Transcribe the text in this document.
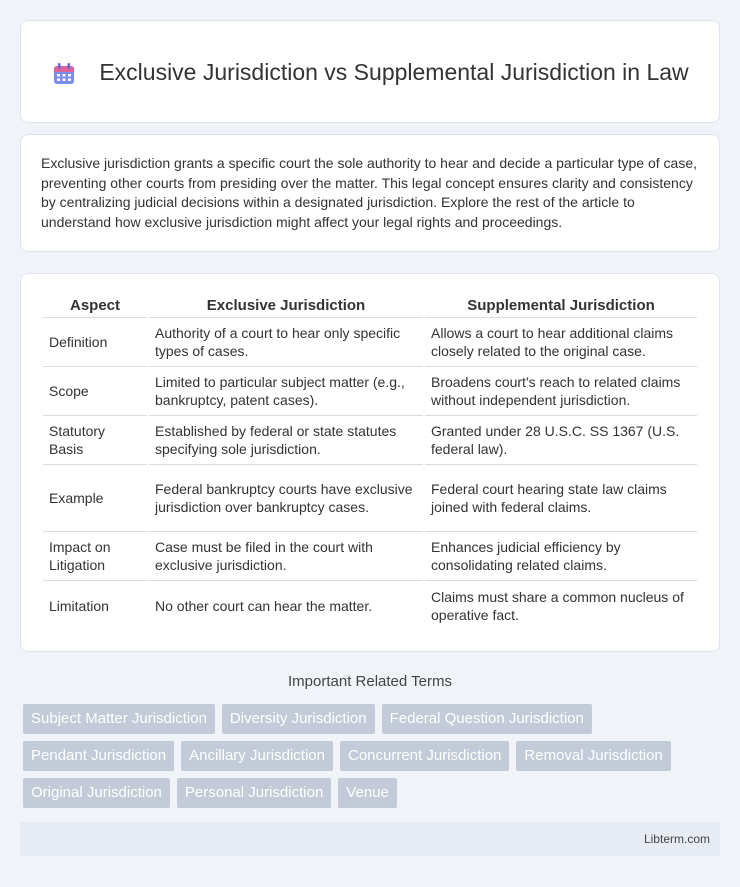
Exclusive Jurisdiction vs Supplemental Jurisdiction in Law

Exclusive jurisdiction grants a specific court the sole authority to hear and decide a particular type of case, preventing other courts from presiding over the matter. This legal concept ensures clarity and consistency by centralizing judicial decisions within a designated jurisdiction. Explore the rest of the article to understand how exclusive jurisdiction might affect your legal rights and proceedings.

Aspect	Exclusive Jurisdiction	Supplemental Jurisdiction
Definition	Authority of a court to hear only specific types of cases.	Allows a court to hear additional claims closely related to the original case.
Scope	Limited to particular subject matter (e.g., bankruptcy, patent cases).	Broadens court's reach to related claims without independent jurisdiction.
Statutory Basis	Established by federal or state statutes specifying sole jurisdiction.	Granted under 28 U.S.C. SS 1367 (U.S. federal law).
Example	Federal bankruptcy courts have exclusive jurisdiction over bankruptcy cases.	Federal court hearing state law claims joined with federal claims.
Impact on Litigation	Case must be filed in the court with exclusive jurisdiction.	Enhances judicial efficiency by consolidating related claims.
Limitation	No other court can hear the matter.	Claims must share a common nucleus of operative fact.
Important Related Terms
Subject Matter Jurisdiction	Diversity Jurisdiction	Federal Question Jurisdiction
Pendant Jurisdiction	Ancillary Jurisdiction	Concurrent Jurisdiction	Removal Jurisdiction
Original Jurisdiction	Personal Jurisdiction	Venue
Libterm.com
